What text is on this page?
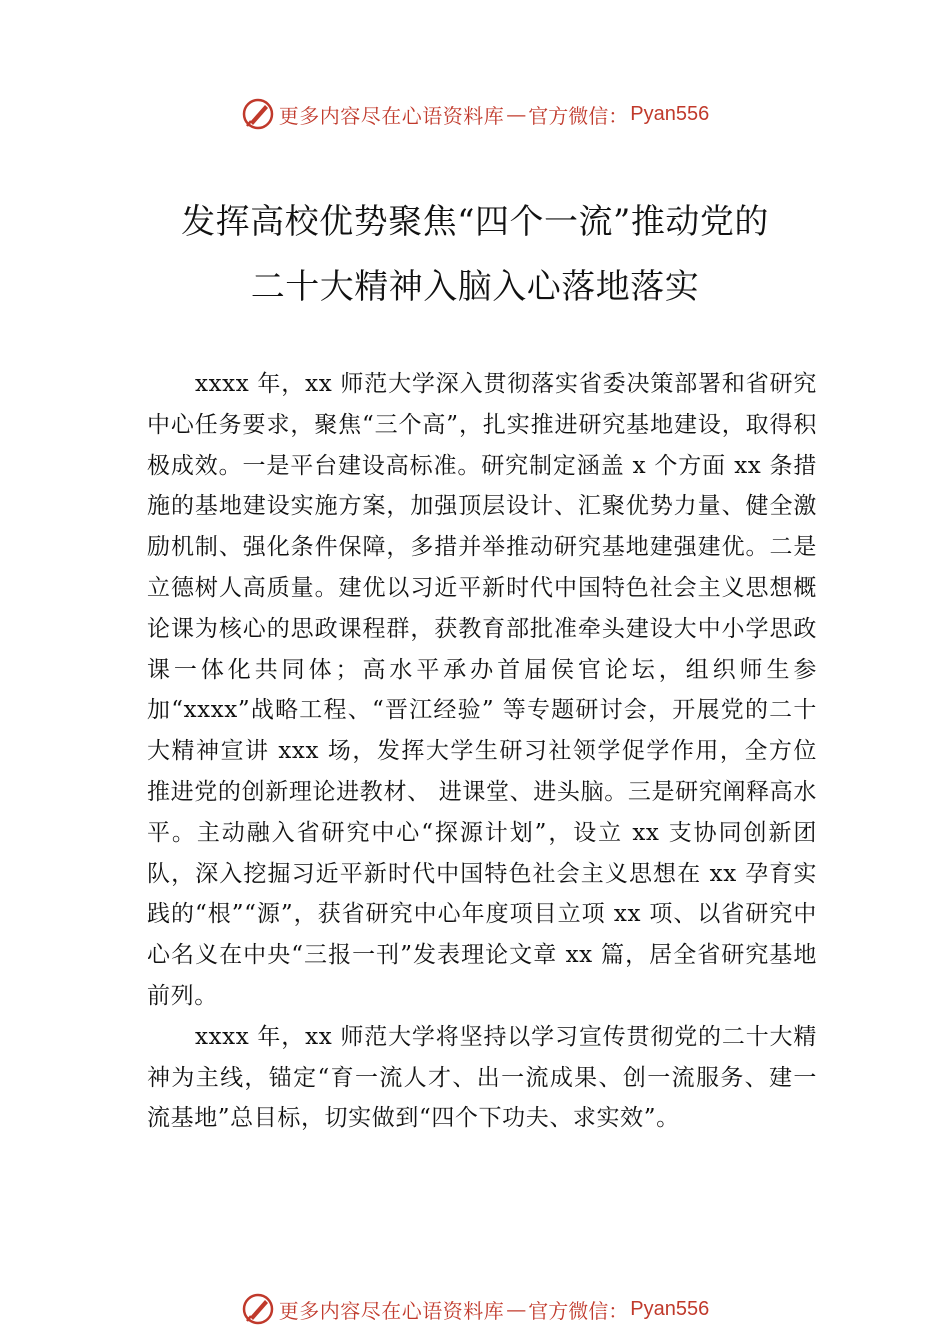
更多内容尽在心语资料库 — 官方微信： Pyan556
发挥高校优势聚焦“四个一流”推动党的
二十大精神入脑入心落地落实

xxxx 年，xx 师范大学深入贯彻落实省委决策部署和省研究中心任务要求，聚焦“三个高”，扎实推进研究基地建设，取得积极成效。一是平台建设高标准。研究制定涵盖 x 个方面 xx 条措施的基地建设实施方案，加强顶层设计、汇聚优势力量、健全激励机制、强化条件保障，多措并举推动研究基地建强建优。二是立德树人高质量。建优以习近平新时代中国特色社会主义思想概论课为核心的思政课程群，获教育部批准牵头建设大中小学思政课一体化共同体；高水平承办首届侯官论坛，组织师生参加“xxxx”战略工程、“晋江经验” 等专题研讨会，开展党的二十大精神宣讲 xxx 场，发挥大学生研习社领学促学作用，全方位推进党的创新理论进教材、 进课堂、进头脑。三是研究阐释高水平。主动融入省研究中心“探源计划”，设立 xx 支协同创新团队，深入挖掘习近平新时代中国特色社会主义思想在 xx 孕育实践的“根”“源”，获省研究中心年度项目立项 xx 项、以省研究中心名义在中央“三报一刊”发表理论文章 xx 篇，居全省研究基地前列。

xxxx 年，xx 师范大学将坚持以学习宣传贯彻党的二十大精神为主线，锚定“育一流人才、出一流成果、创一流服务、建一流基地”总目标，切实做到“四个下功夫、求实效”。

更多内容尽在心语资料库 — 官方微信： Pyan556
